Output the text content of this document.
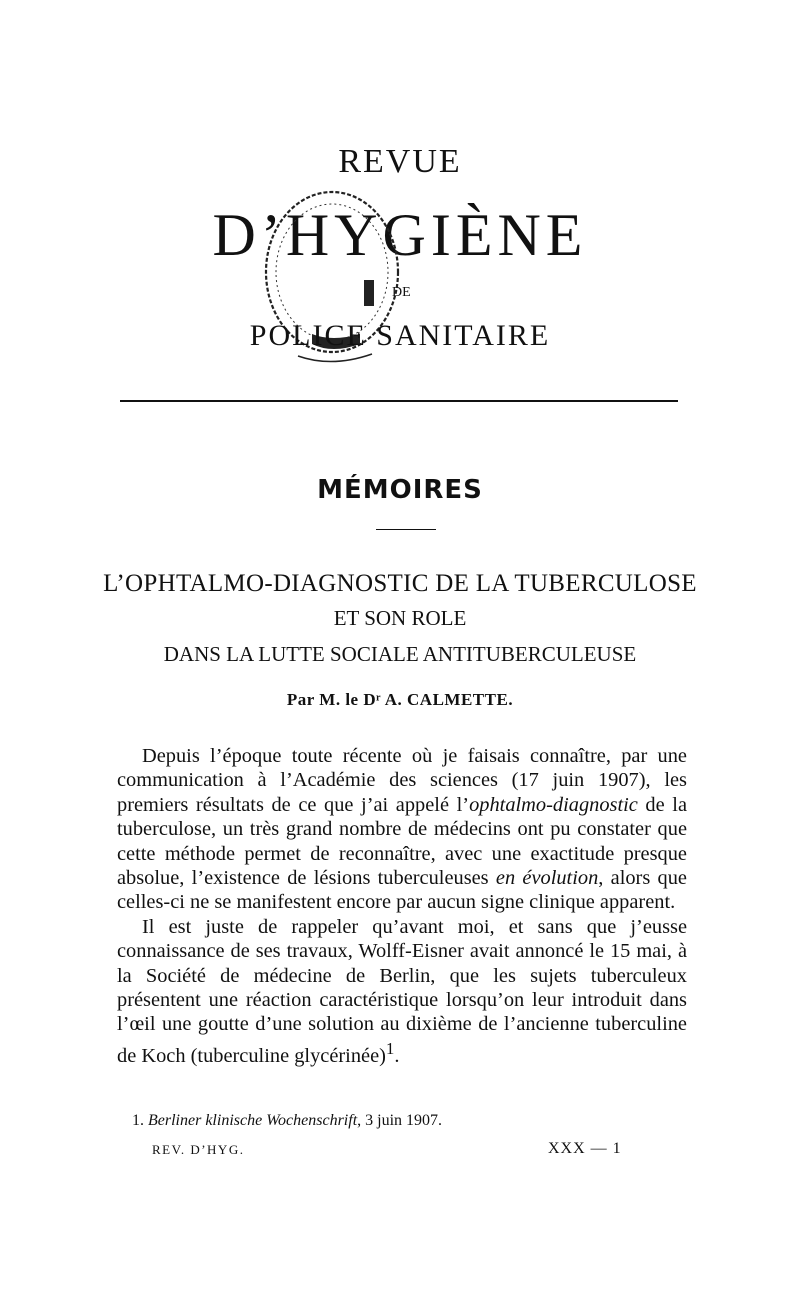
REVUE
D’HYGIÈNE
DE
POLICE SANITAIRE
MÉMOIRES
L’OPHTALMO-DIAGNOSTIC DE LA TUBERCULOSE
ET SON ROLE
DANS LA LUTTE SOCIALE ANTITUBERCULEUSE
Par M. le Dʳ A. CALMETTE.

Depuis l’époque toute récente où je faisais connaître, par une communication à l’Académie des sciences (17 juin 1907), les premiers résultats de ce que j’ai appelé l’ophtalmo-diagnostic de la tuberculose, un très grand nombre de médecins ont pu constater que cette méthode permet de reconnaître, avec une exactitude presque absolue, l’existence de lésions tuberculeuses en évolution, alors que celles-ci ne se manifestent encore par aucun signe clinique apparent.

Il est juste de rappeler qu’avant moi, et sans que j’eusse connaissance de ses travaux, Wolff-Eisner avait annoncé le 15 mai, à la Société de médecine de Berlin, que les sujets tuberculeux présentent une réaction caractéristique lorsqu’on leur introduit dans l’œil une goutte d’une solution au dixième de l’ancienne tuberculine de Koch (tuberculine glycérinée)$^1$.

1. Berliner klinische Wochenschrift, 3 juin 1907.
REV. D’HYG.	XXX — 1
